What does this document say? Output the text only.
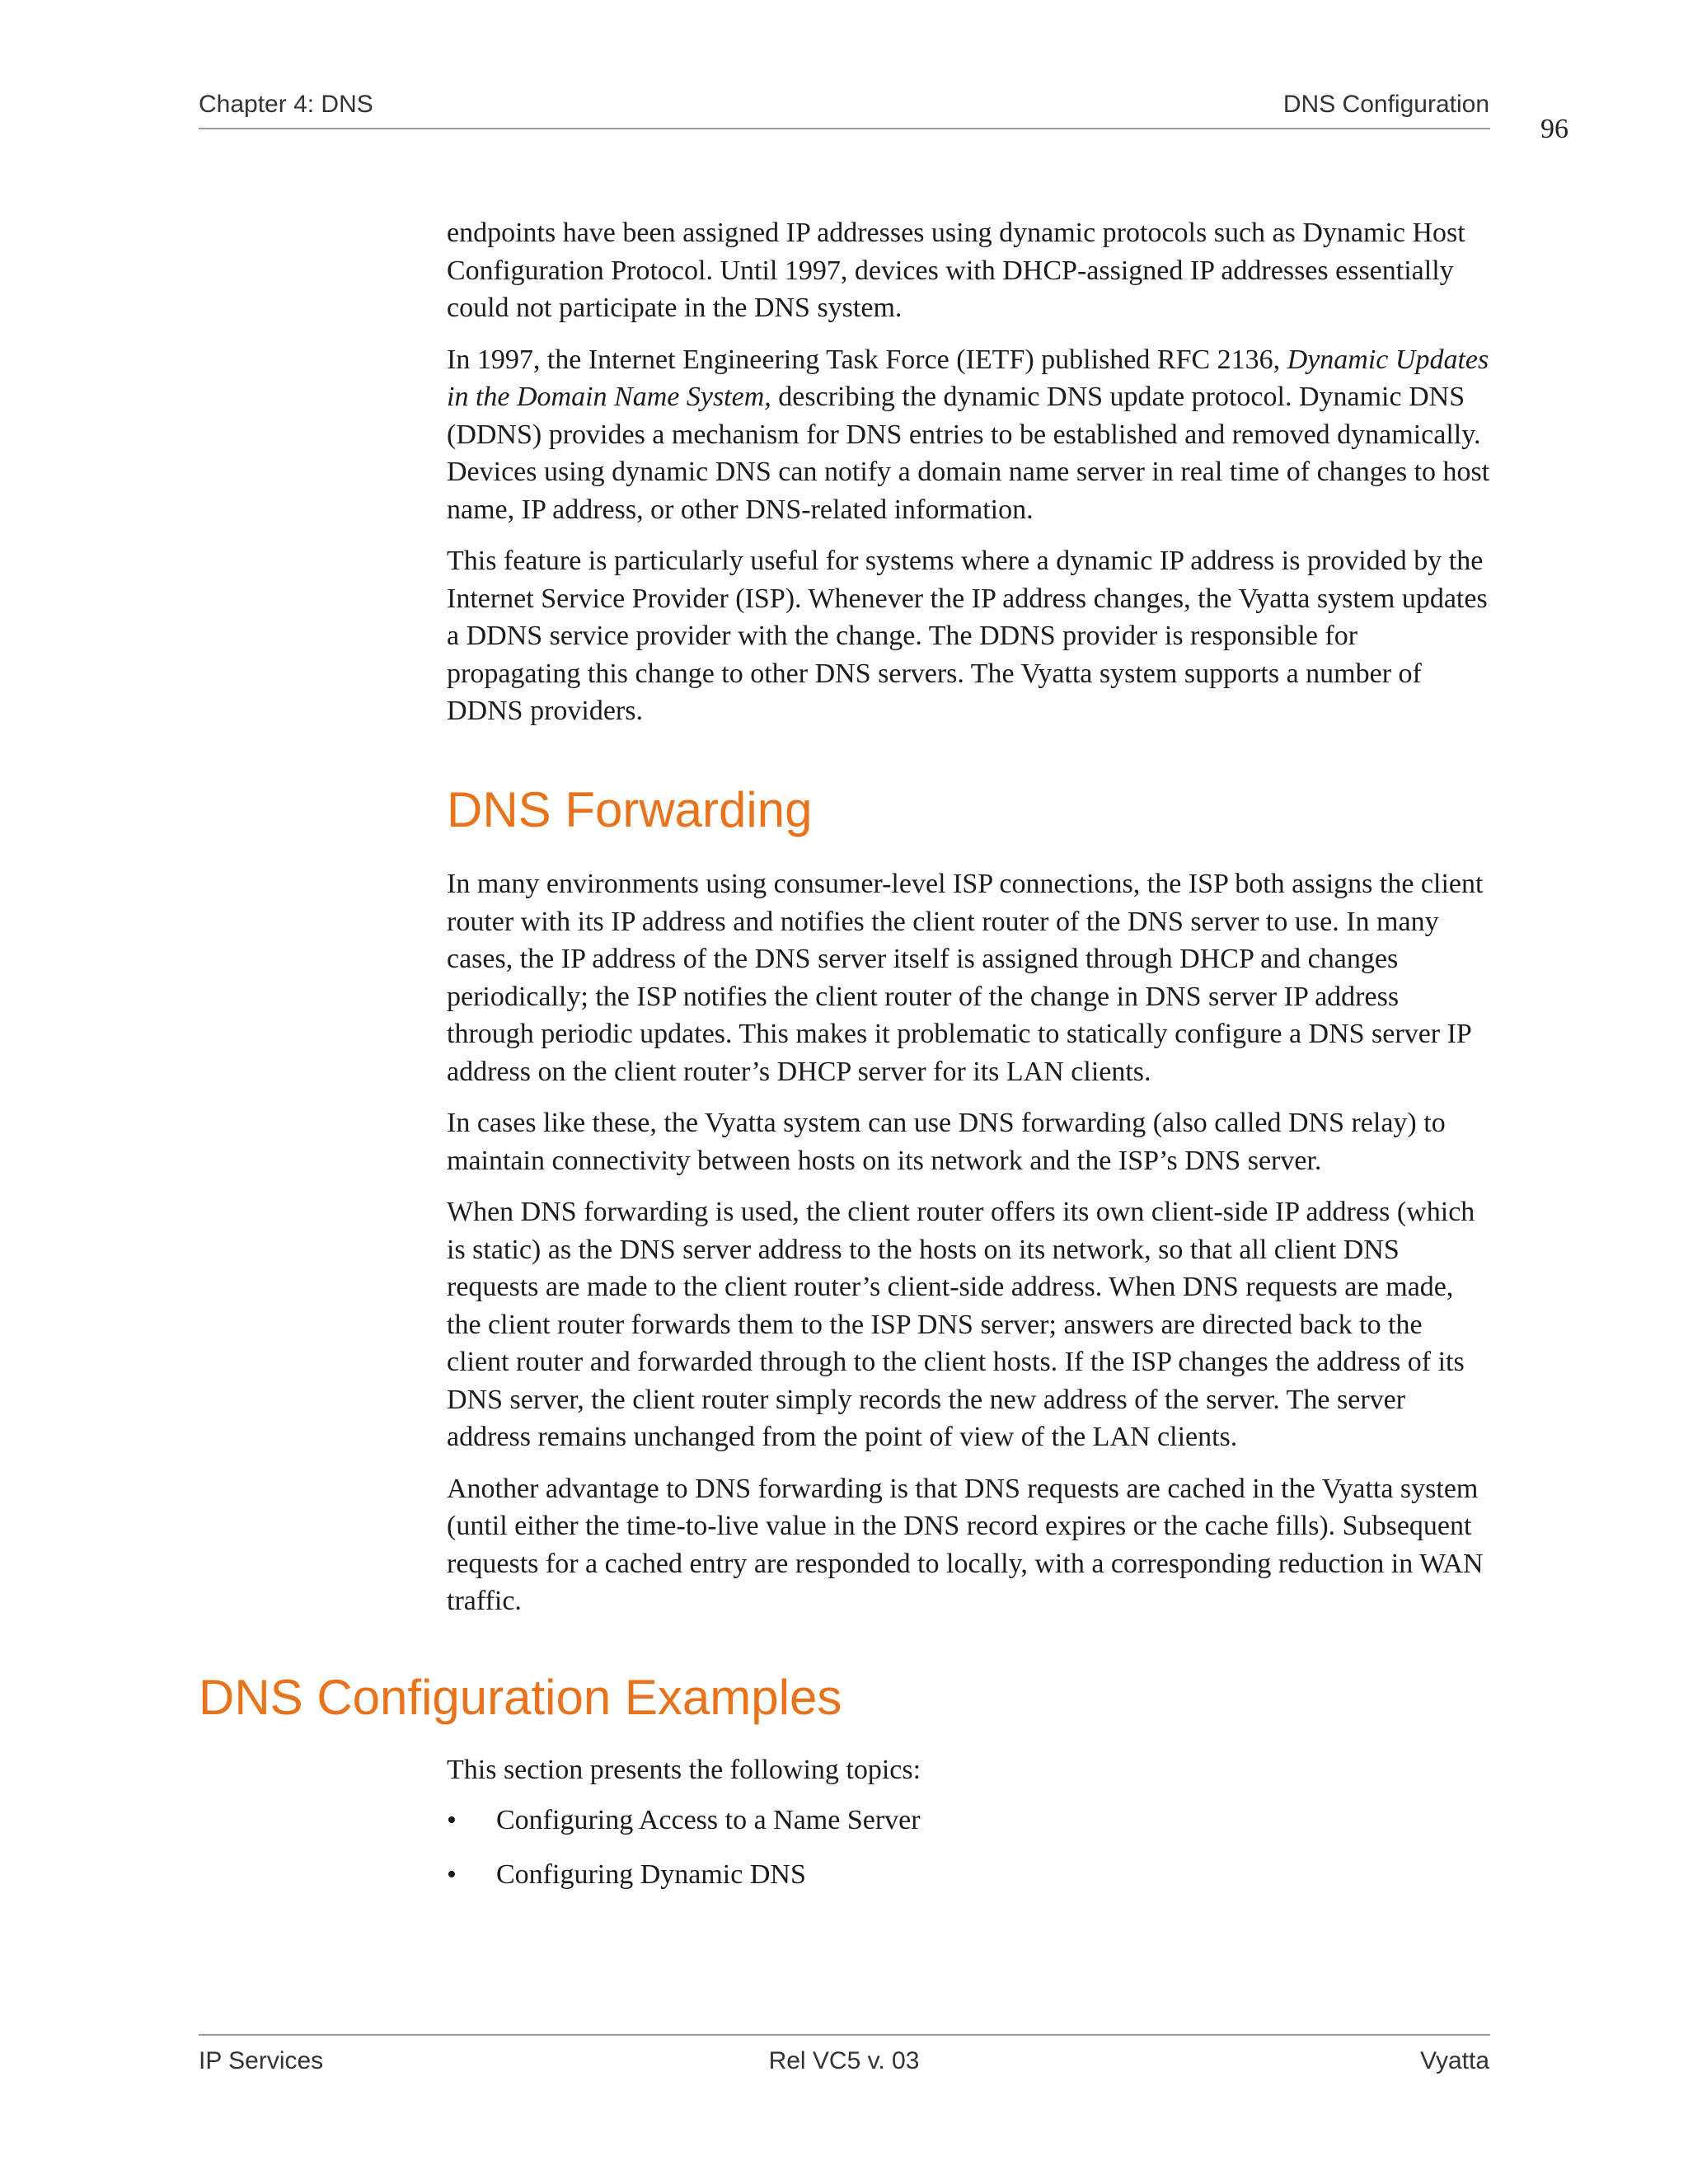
Chapter 4: DNS	DNS Configuration
96

endpoints have been assigned IP addresses using dynamic protocols such as Dynamic Host Configuration Protocol. Until 1997, devices with DHCP-assigned IP addresses essentially could not participate in the DNS system.

In 1997, the Internet Engineering Task Force (IETF) published RFC 2136, Dynamic Updates in the Domain Name System, describing the dynamic DNS update protocol. Dynamic DNS (DDNS) provides a mechanism for DNS entries to be established and removed dynamically. Devices using dynamic DNS can notify a domain name server in real time of changes to host name, IP address, or other DNS-related information.

This feature is particularly useful for systems where a dynamic IP address is provided by the Internet Service Provider (ISP). Whenever the IP address changes, the Vyatta system updates a DDNS service provider with the change. The DDNS provider is responsible for propagating this change to other DNS servers. The Vyatta system supports a number of DDNS providers.

DNS Forwarding

In many environments using consumer-level ISP connections, the ISP both assigns the client router with its IP address and notifies the client router of the DNS server to use. In many cases, the IP address of the DNS server itself is assigned through DHCP and changes periodically; the ISP notifies the client router of the change in DNS server IP address through periodic updates. This makes it problematic to statically configure a DNS server IP address on the client router’s DHCP server for its LAN clients.

In cases like these, the Vyatta system can use DNS forwarding (also called DNS relay) to maintain connectivity between hosts on its network and the ISP’s DNS server.

When DNS forwarding is used, the client router offers its own client-side IP address (which is static) as the DNS server address to the hosts on its network, so that all client DNS requests are made to the client router’s client-side address. When DNS requests are made, the client router forwards them to the ISP DNS server; answers are directed back to the client router and forwarded through to the client hosts. If the ISP changes the address of its DNS server, the client router simply records the new address of the server. The server address remains unchanged from the point of view of the LAN clients.

Another advantage to DNS forwarding is that DNS requests are cached in the Vyatta system (until either the time-to-live value in the DNS record expires or the cache fills). Subsequent requests for a cached entry are responded to locally, with a corresponding reduction in WAN traffic.

DNS Configuration Examples

This section presents the following topics:

• Configuring Access to a Name Server
• Configuring Dynamic DNS
IP Services	Rel VC5 v. 03	Vyatta
